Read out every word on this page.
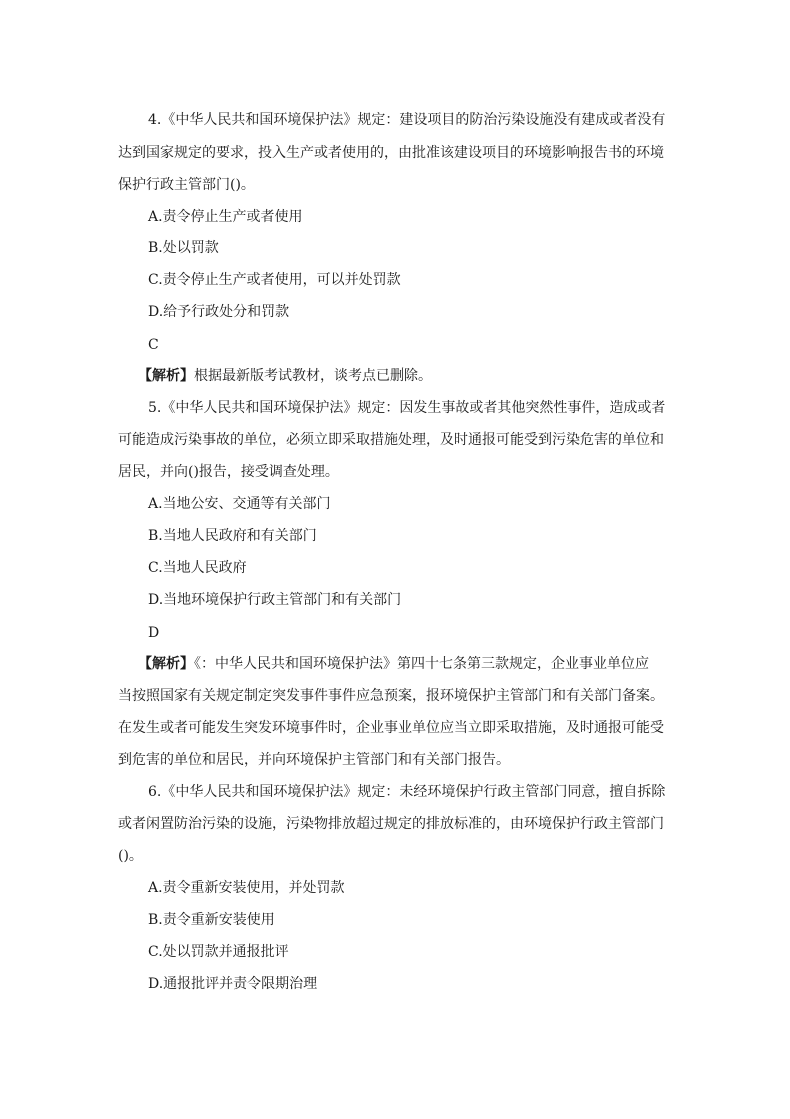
4.《中华人民共和国环境保护法》规定：建设项目的防治污染设施没有建成或者没有
达到国家规定的要求，投入生产或者使用的，由批准该建设项目的环境影响报告书的环境
保护行政主管部门()。
A.责令停止生产或者使用
B.处以罚款
C.责令停止生产或者使用，可以并处罚款
D.给予行政处分和罚款
C
【解析】根据最新版考试教材，谈考点已删除。
5.《中华人民共和国环境保护法》规定：因发生事故或者其他突然性事件，造成或者
可能造成污染事故的单位，必须立即采取措施处理，及时通报可能受到污染危害的单位和
居民，并向()报告，接受调查处理。
A.当地公安、交通等有关部门
B.当地人民政府和有关部门
C.当地人民政府
D.当地环境保护行政主管部门和有关部门
D
【解析】《：中华人民共和国环境保护法》第四十七条第三款规定，企业事业单位应
当按照国家有关规定制定突发事件事件应急预案，报环境保护主管部门和有关部门备案。
在发生或者可能发生突发环境事件时，企业事业单位应当立即采取措施，及时通报可能受
到危害的单位和居民，并向环境保护主管部门和有关部门报告。
6.《中华人民共和国环境保护法》规定：未经环境保护行政主管部门同意，擅自拆除
或者闲置防治污染的设施，污染物排放超过规定的排放标准的，由环境保护行政主管部门
()。
A.责令重新安装使用，并处罚款
B.责令重新安装使用
C.处以罚款并通报批评
D.通报批评并责令限期治理
